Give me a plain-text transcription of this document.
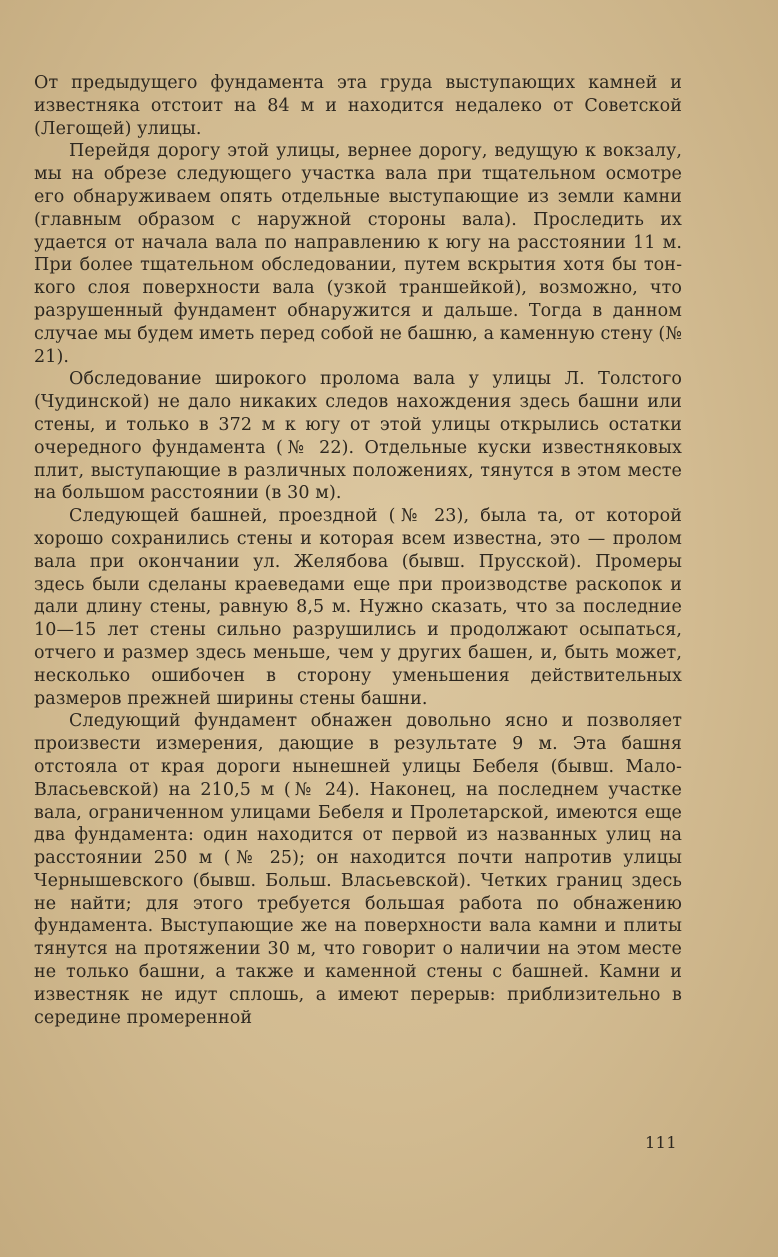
От предыдущего фундамента эта груда выступающих камней и известняка отстоит на 84 м и находится недалеко от Советской (Легощей) улицы.

Перейдя дорогу этой улицы, вернее дорогу, ведущую к вокзалу, мы на обрезе следующего участка вала при тщательном осмотре его обнаруживаем опять отдельные выступающие из земли камни (главным образом с наружной стороны вала). Проследить их удается от начала вала по направлению к югу на расстоянии 11 м. При более тщательном обследовании, путем вскрытия хотя бы тонкого слоя поверхности вала (узкой траншейкой), возможно, что разрушенный фундамент обнаружится и дальше. Тогда в данном случае мы будем иметь перед собой не башню, а каменную стену (№ 21).

Обследование широкого пролома вала у улицы Л. Толстого (Чудинской) не дало никаких следов нахождения здесь башни или стены, и только в 372 м к югу от этой улицы открылись остатки очередного фундамента (№ 22). Отдельные куски известняковых плит, выступающие в различных положениях, тянутся в этом месте на большом расстоянии (в 30 м).

Следующей башней, проездной (№ 23), была та, от которой хорошо сохранились стены и которая всем известна, это — пролом вала при окончании ул. Желябова (бывш. Прусской). Промеры здесь были сделаны краеведами еще при производстве раскопок и дали длину стены, равную 8,5 м. Нужно сказать, что за последние 10—15 лет стены сильно разрушились и продолжают осыпаться, отчего и размер здесь меньше, чем у других башен, и, быть может, несколько ошибочен в сторону уменьшения действительных размеров прежней ширины стены башни.

Следующий фундамент обнажен довольно ясно и позволяет произвести измерения, дающие в результате 9 м. Эта башня отстояла от края дороги нынешней улицы Бебеля (бывш. Мало-Власьевской) на 210,5 м (№ 24). Наконец, на последнем участке вала, ограниченном улицами Бебеля и Пролетарской, имеются еще два фундамента: один находится от первой из названных улиц на расстоянии 250 м (№ 25); он находится почти напротив улицы Чернышевского (бывш. Больш. Власьевской). Четких границ здесь не найти; для этого требуется большая работа по обнажению фундамента. Выступающие же на поверхности вала камни и плиты тянутся на протяжении 30 м, что говорит о наличии на этом месте не только башни, а также и каменной стены с башней. Камни и известняк не идут сплошь, а имеют перерыв: приблизительно в середине промеренной

111
